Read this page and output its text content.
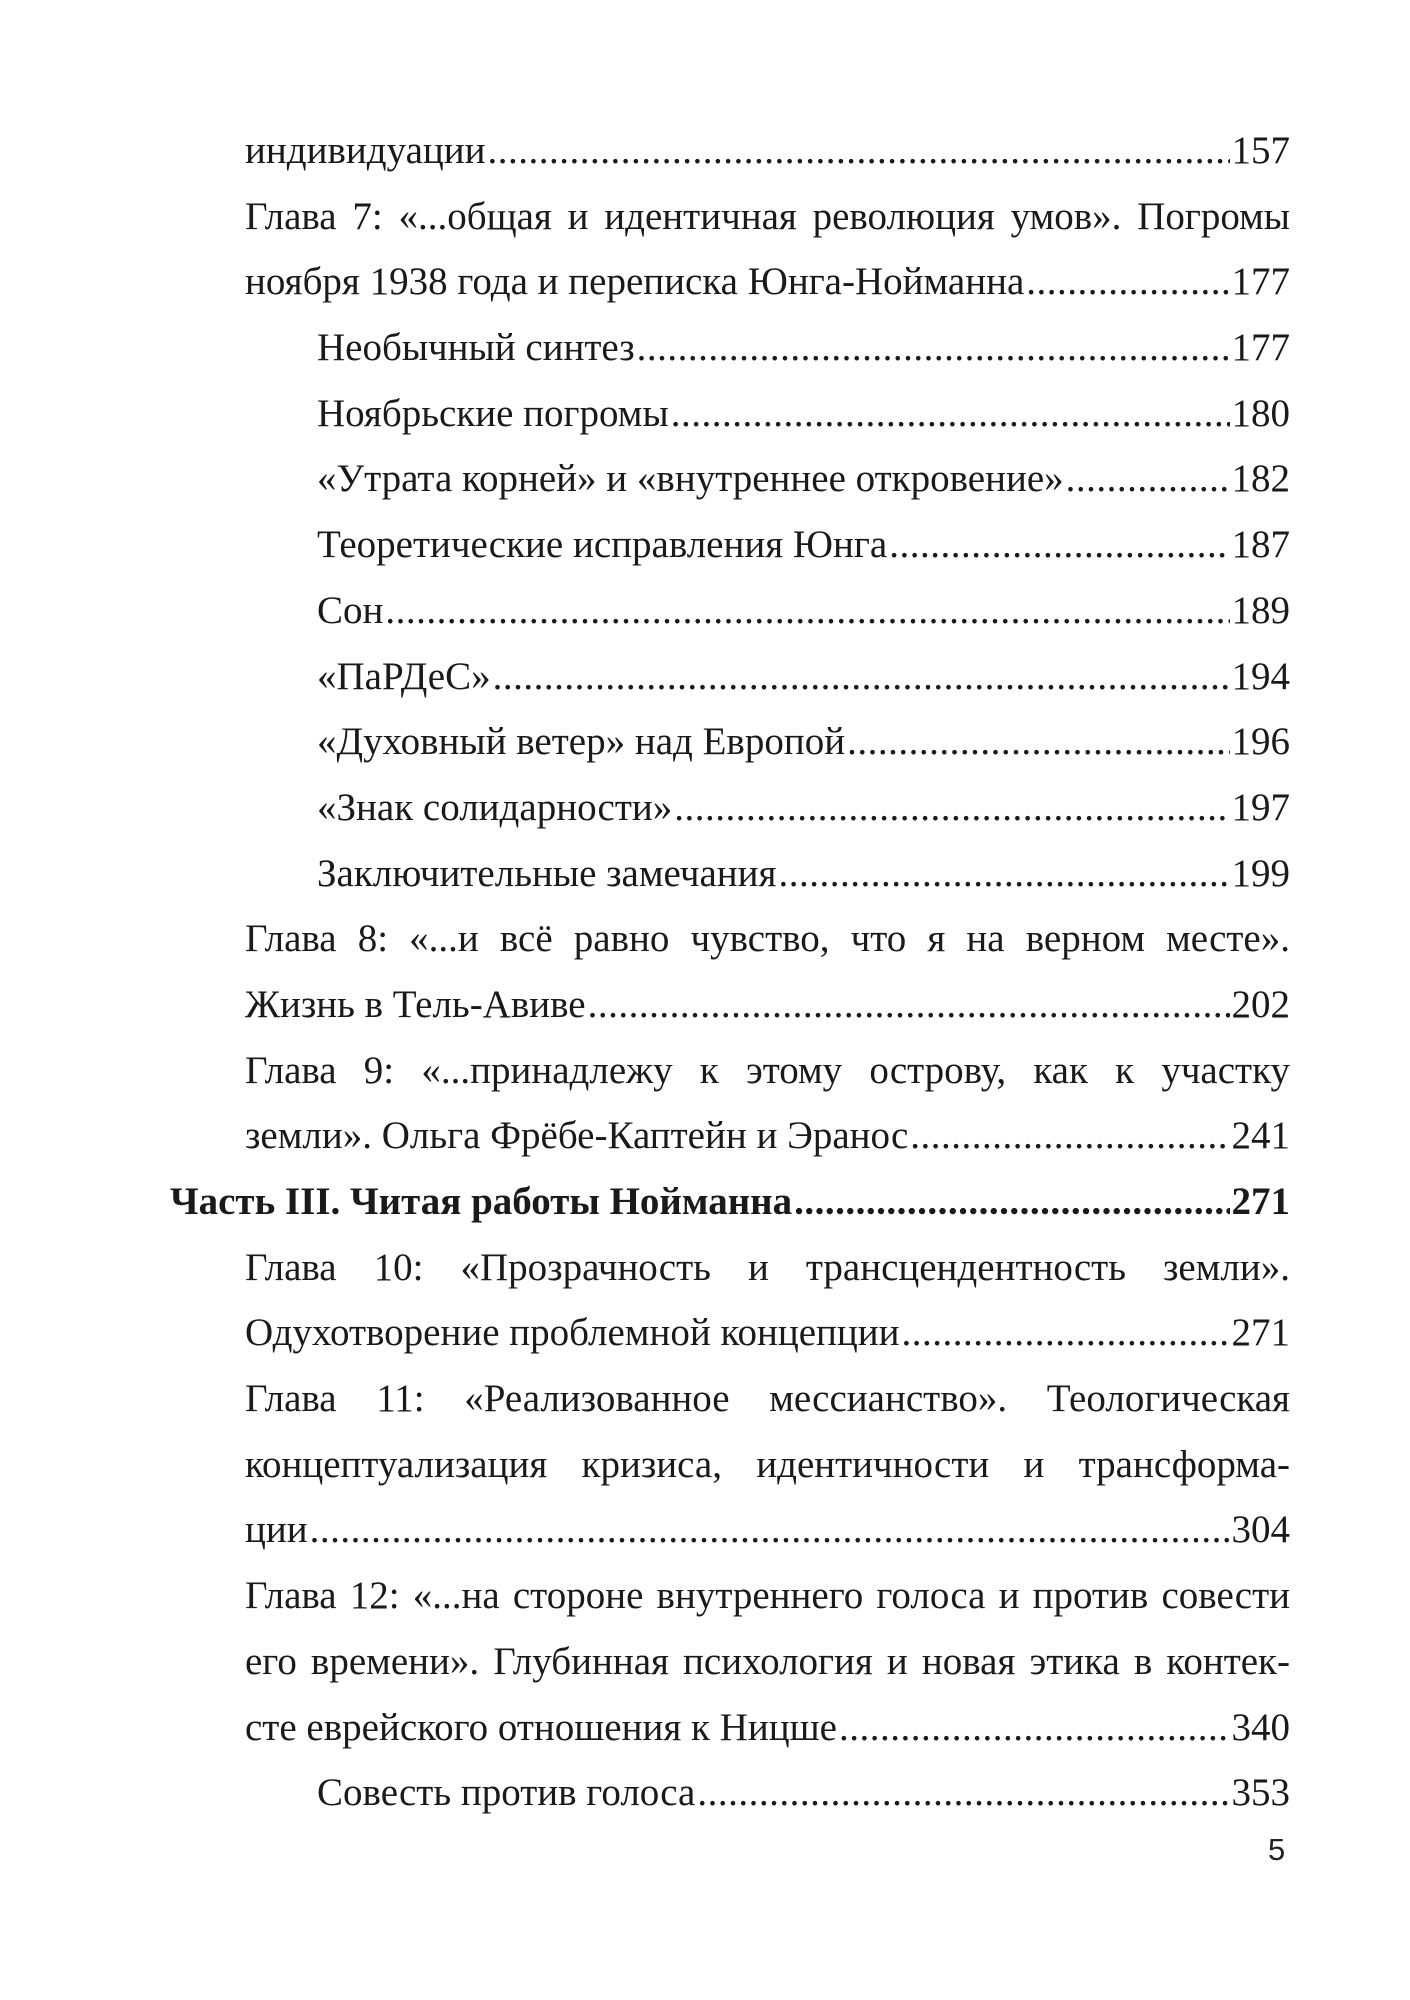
индивидуации .....	157
Глава 7: «...общая и идентичная революция умов». Погромы
ноября 1938 года и переписка Юнга-Нойманна .....	177
Необычный синтез .....	177
Ноябрьские погромы .....	180
«Утрата корней» и «внутреннее откровение» .....	182
Теоретические исправления Юнга .....	187
Сон .....	189
«ПаРДеС» .....	194
«Духовный ветер» над Европой .....	196
«Знак солидарности» .....	197
Заключительные замечания .....	199
Глава 8: «...и всё равно чувство, что я на верном месте».
Жизнь в Тель-Авиве .....	202
Глава 9: «...принадлежу к этому острову, как к участку
земли». Ольга Фрёбе-Каптейн и Эранос .....	241
Часть III. Читая работы Нойманна .....	271
Глава 10: «Прозрачность и трансцендентность земли».
Одухотворение проблемной концепции .....	271
Глава 11: «Реализованное мессианство». Теологическая
концептуализация кризиса, идентичности и трансформа-
ции .....	304
Глава 12: «...на стороне внутреннего голоса и против совести
его времени». Глубинная психология и новая этика в контек-
сте еврейского отношения к Ницше .....	340
Совесть против голоса .....	353
5
